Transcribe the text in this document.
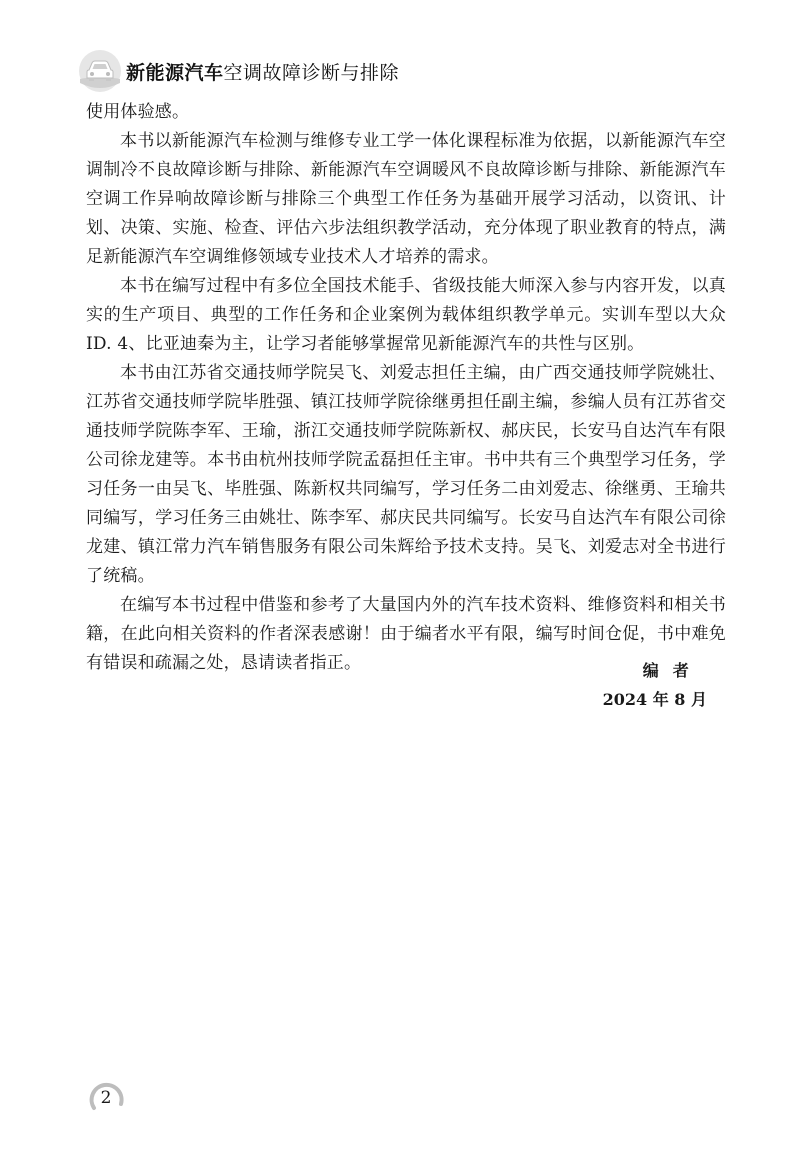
新能源汽车 空调故障诊断与排除

使用体验感。

本书以新能源汽车检测与维修专业工学一体化课程标准为依据，以新能源汽车空调制冷不良故障诊断与排除、新能源汽车空调暖风不良故障诊断与排除、新能源汽车空调工作异响故障诊断与排除三个典型工作任务为基础开展学习活动，以资讯、计划、决策、实施、检查、评估六步法组织教学活动，充分体现了职业教育的特点，满足新能源汽车空调维修领域专业技术人才培养的需求。

本书在编写过程中有多位全国技术能手、省级技能大师深入参与内容开发，以真实的生产项目、典型的工作任务和企业案例为载体组织教学单元。实训车型以大众ID. 4、比亚迪秦为主，让学习者能够掌握常见新能源汽车的共性与区别。

本书由江苏省交通技师学院吴飞、刘爱志担任主编，由广西交通技师学院姚壮、江苏省交通技师学院毕胜强、镇江技师学院徐继勇担任副主编，参编人员有江苏省交通技师学院陈李军、王瑜，浙江交通技师学院陈新权、郝庆民，长安马自达汽车有限公司徐龙建等。本书由杭州技师学院孟磊担任主审。书中共有三个典型学习任务，学习任务一由吴飞、毕胜强、陈新权共同编写，学习任务二由刘爱志、徐继勇、王瑜共同编写，学习任务三由姚壮、陈李军、郝庆民共同编写。长安马自达汽车有限公司徐龙建、镇江常力汽车销售服务有限公司朱辉给予技术支持。吴飞、刘爱志对全书进行了统稿。

在编写本书过程中借鉴和参考了大量国内外的汽车技术资料、维修资料和相关书籍，在此向相关资料的作者深表感谢！由于编者水平有限，编写时间仓促，书中难免有错误和疏漏之处，恳请读者指正。	编者
2024 年 8 月
2
